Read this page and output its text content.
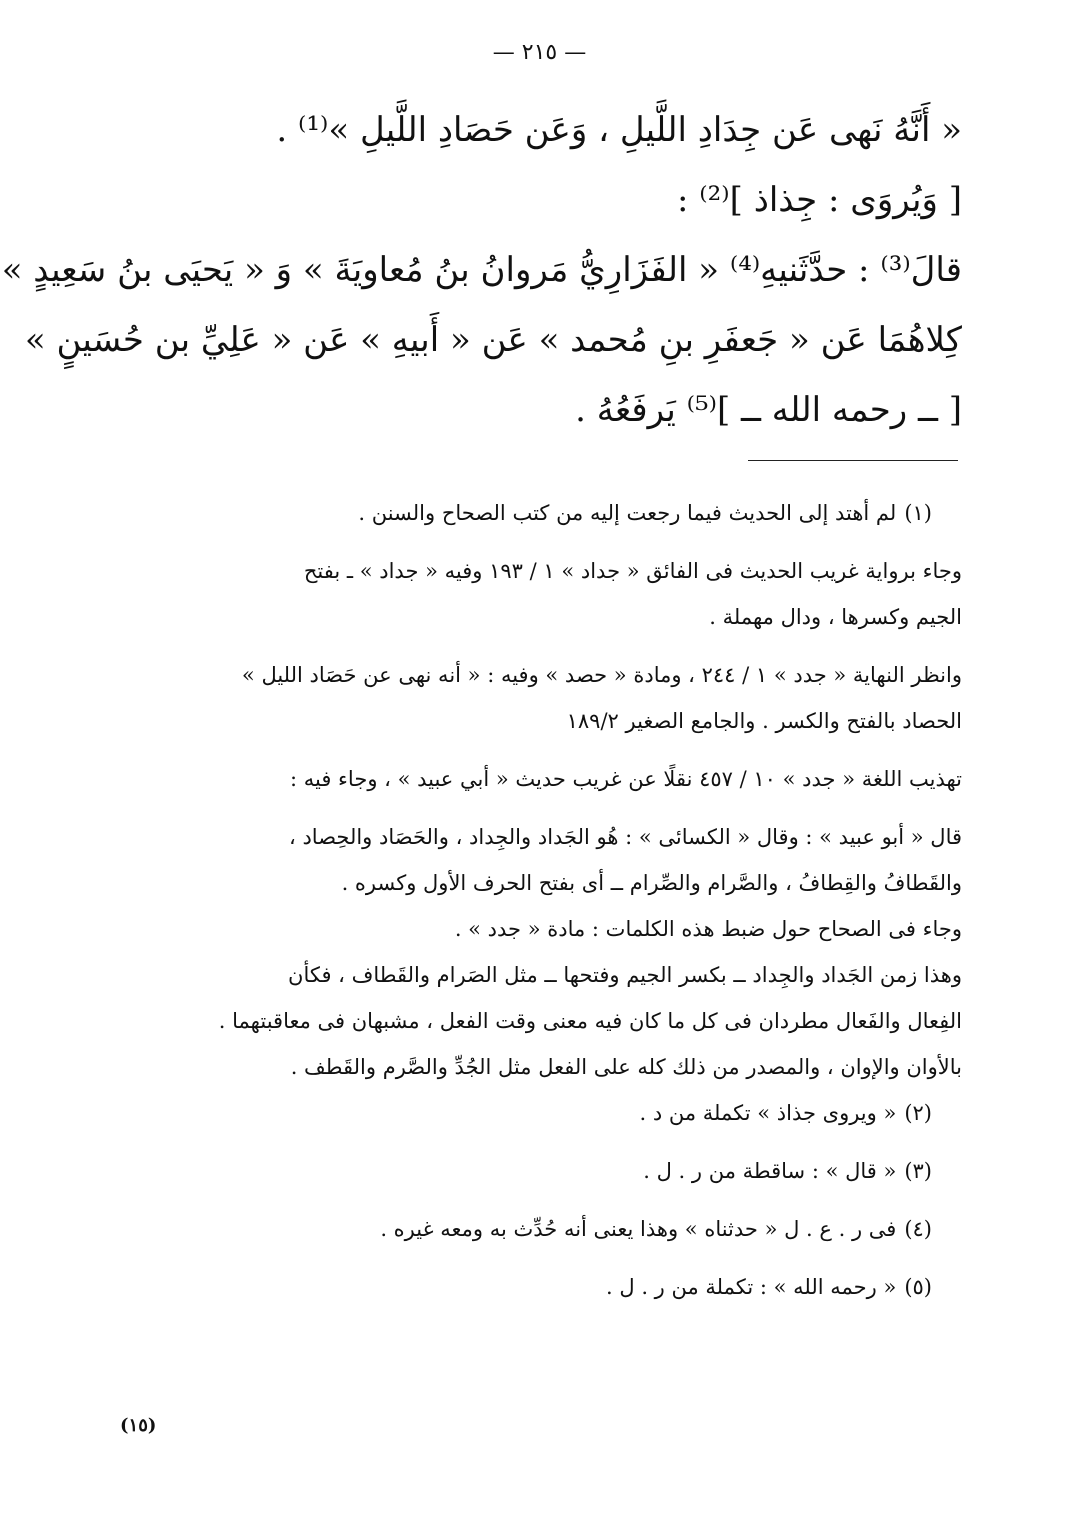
— ٢١٥ —

« أَنَّهُ نَهى عَن جِدَادِ اللَّيلِ ، وَعَن حَصَادِ اللَّيلِ »⁽¹⁾ .

[ وَيُروَى : جِذاذ ]⁽²⁾ :

قالَ⁽³⁾ : حدَّثَنيهِ⁽⁴⁾ « الفَزَارِيُّ مَروانُ بنُ مُعاويَةَ » وَ « يَحيَى بنُ سَعِيدٍ »

كِلاهُمَا عَن « جَعفَرِ بنِ مُحمد » عَن « أَبيهِ » عَن « عَلِيِّ بن حُسَينٍ »

[ ــ رحمه الله ــ ]⁽⁵⁾ يَرفَعُهُ .

(١)لم أهتد إلى الحديث فيما رجعت إليه من كتب الصحاح والسنن .

وجاء برواية غريب الحديث فى الفائق « جداد » ١ / ١٩٣ وفيه « جداد » ـ بفتح

الجيم وكسرها ، ودال مهملة .

وانظر النهاية « جدد » ١ / ٢٤٤ ، ومادة « حصد » وفيه : « أنه نهى عن حَصَاد الليل »

الحصاد بالفتح والكسر . والجامع الصغير ١٨٩/٢

تهذيب اللغة « جدد » ١٠ / ٤٥٧ نقلًا عن غريب حديث « أبي عبيد » ، وجاء فيه :

قال « أبو عبيد » : وقال « الكسائى » : هُو الجَداد والجِداد ، والحَصَاد والحِصاد ،

والقَطافُ والقِطافُ ، والصَّرام والصِّرام ــ أى بفتح الحرف الأول وكسره .

وجاء فى الصحاح حول ضبط هذه الكلمات : مادة « جدد » .

وهذا زمن الجَداد والجِداد ــ بكسر الجيم وفتحها ــ مثل الصَرام والقَطاف ، فكأن

الفِعال والفَعال مطردان فى كل ما كان فيه معنى وقت الفعل ، مشبهان فى معاقبتهما .

بالأوان والإوان ، والمصدر من ذلك كله على الفعل مثل الجُدِّ والصَّرم والقَطف .

(٢)« ويروى جذاذ » تكملة من د .

(٣)« قال » : ساقطة من ر . ل .

(٤)فى ر . ع . ل « حدثناه » وهذا يعنى أنه حُدِّث به ومعه غيره .

(٥)« رحمه الله » : تكملة من ر . ل .

(١٥)
